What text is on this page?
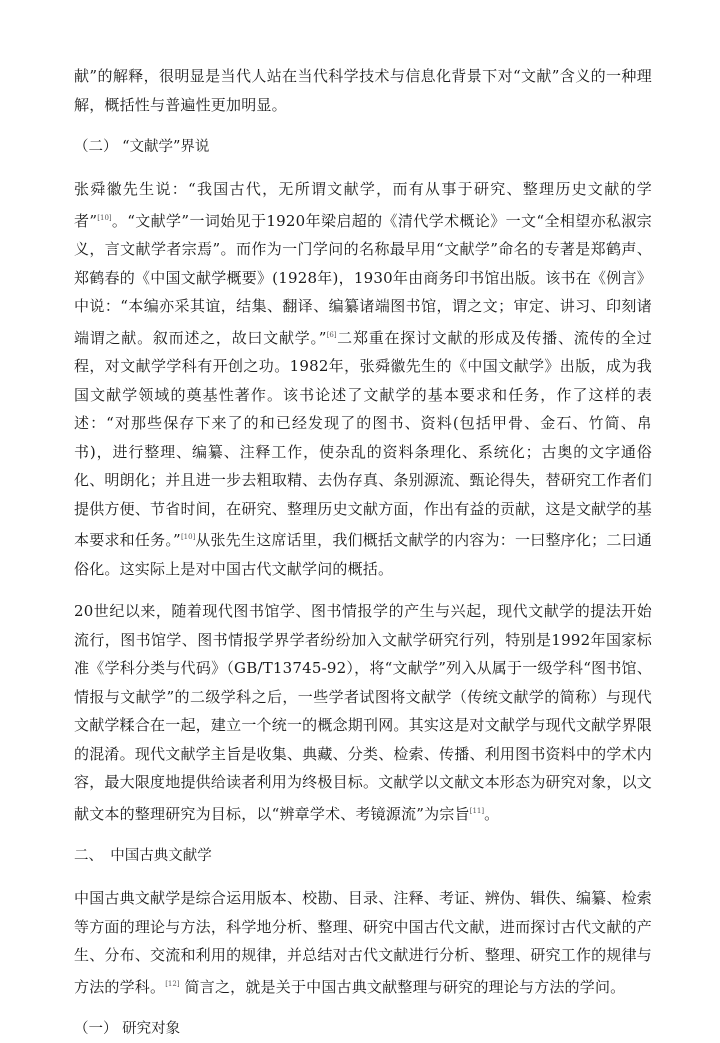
献”的解释，很明显是当代人站在当代科学技术与信息化背景下对“文献”含义的一种理解，概括性与普遍性更加明显。

（二） “文献学”界说

张舜徽先生说：“我国古代，无所谓文献学，而有从事于研究、整理历史文献的学者”[10]。“文献学”一词始见于1920年梁启超的《清代学术概论》一文“全相望亦私淑宗义，言文献学者宗焉”。而作为一门学问的名称最早用“文献学”命名的专著是郑鹤声、郑鹤春的《中国文献学概要》(1928年)，1930年由商务印书馆出版。该书在《例言》中说：“本编亦采其谊，结集、翻译、编纂诸端图书馆，谓之文；审定、讲习、印刻诸端谓之献。叙而述之，故曰文献学。”[6]二郑重在探讨文献的形成及传播、流传的全过程，对文献学学科有开创之功。1982年，张舜徽先生的《中国文献学》出版，成为我国文献学领域的奠基性著作。该书论述了文献学的基本要求和任务，作了这样的表述：“对那些保存下来了的和已经发现了的图书、资料(包括甲骨、金石、竹简、帛书)，进行整理、编纂、注释工作，使杂乱的资料条理化、系统化；古奥的文字通俗化、明朗化；并且进一步去粗取精、去伪存真、条别源流、甄论得失，替研究工作者们提供方便、节省时间，在研究、整理历史文献方面，作出有益的贡献，这是文献学的基本要求和任务。”[10]从张先生这席话里，我们概括文献学的内容为：一曰整序化；二曰通俗化。这实际上是对中国古代文献学问的概括。

20世纪以来，随着现代图书馆学、图书情报学的产生与兴起，现代文献学的提法开始流行，图书馆学、图书情报学界学者纷纷加入文献学研究行列，特别是1992年国家标准《学科分类与代码》（GB/T13745-92），将“文献学”列入从属于一级学科“图书馆、情报与文献学”的二级学科之后，一些学者试图将文献学（传统文献学的简称）与现代文献学糅合在一起，建立一个统一的概念期刊网。其实这是对文献学与现代文献学界限的混淆。现代文献学主旨是收集、典藏、分类、检索、传播、利用图书资料中的学术内容，最大限度地提供给读者利用为终极目标。文献学以文献文本形态为研究对象，以文献文本的整理研究为目标，以“辨章学术、考镜源流”为宗旨[11]。

二、　中国古典文献学

中国古典文献学是综合运用版本、校勘、目录、注释、考证、辨伪、辑佚、编纂、检索等方面的理论与方法，科学地分析、整理、研究中国古代文献，进而探讨古代文献的产生、分布、交流和利用的规律，并总结对古代文献进行分析、整理、研究工作的规律与方法的学科。[12] 简言之，就是关于中国古典文献整理与研究的理论与方法的学问。

（一） 研究对象
